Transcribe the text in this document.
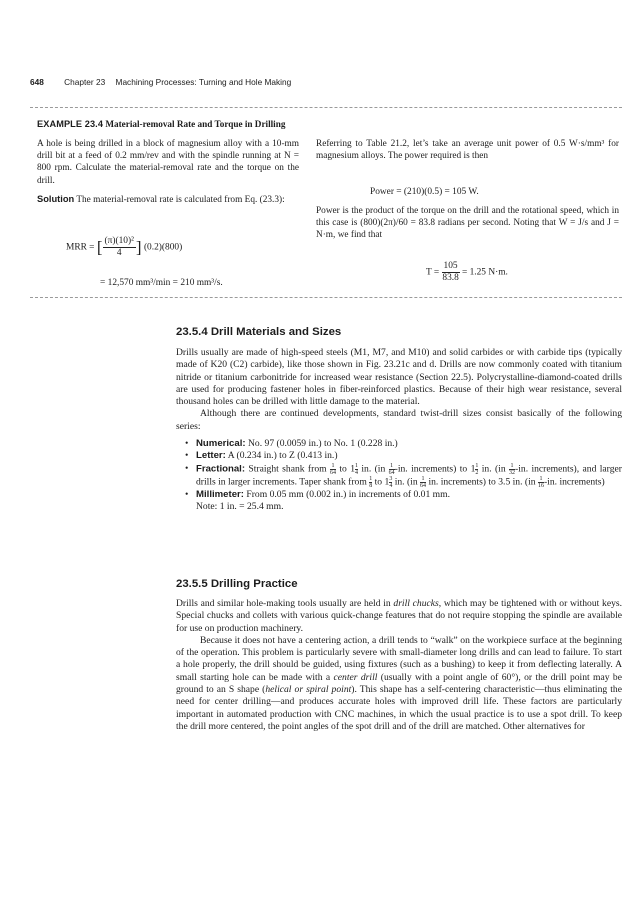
648 Chapter 23 Machining Processes: Turning and Hole Making
EXAMPLE 23.4 Material-removal Rate and Torque in Drilling

A hole is being drilled in a block of magnesium alloy with a 10-mm drill bit at a feed of 0.2 mm/rev and with the spindle running at N = 800 rpm. Calculate the material-removal rate and the torque on the drill.

Solution The material-removal rate is calculated from Eq. (23.3):

MRR = [ $\frac{\text{(π)(10)²}}{4}$ ] (0.2)(800)
= 12,570 mm³/min = 210 mm³/s.

Referring to Table 21.2, let’s take an average unit power of 0.5 W·s/mm³ for magnesium alloys. The power required is then

Power = (210)(0.5) = 105 W.

Power is the product of the torque on the drill and the rotational speed, which in this case is (800)(2π)/60 = 83.8 radians per second. Noting that W = J/s and J = N·m, we find that

$T = \frac{105}{83.8} = 1.25$ N·m.
23.5.4 Drill Materials and Sizes

Drills usually are made of high-speed steels (M1, M7, and M10) and solid carbides or with carbide tips (typically made of K20 (C2) carbide), like those shown in Fig. 23.21c and d. Drills are now commonly coated with titanium nitride or titanium carbonitride for increased wear resistance (Section 22.5). Polycrystalline-diamond-coated drills are used for producing fastener holes in fiber-reinforced plastics. Because of their high wear resistance, several thousand holes can be drilled with little damage to the material.

Although there are continued developments, standard twist-drill sizes consist basically of the following series:

• Numerical: No. 97 (0.0059 in.) to No. 1 (0.228 in.)
• Letter: A (0.234 in.) to Z (0.413 in.)
• Fractional: Straight shank from $\frac{1}{64}$ to $1 \frac{1}{4}$ in. ($in \frac{1}{64} -in$. increments) to $1 \frac{1}{2}$ in. ($in \frac{1}{32} -in$. increments), and larger drills in larger increments. Taper shank from $\frac{1}{8}$ to $1 \frac{3}{4}$ in. ($in \frac{1}{64}$ in. increments) to 3.5 in. ($in \frac{1}{16} -in$. increments)
• Millimeter: From 0.05 mm (0.002 in.) in increments of 0.01 mm.
Note: 1 in. = 25.4 mm.
23.5.5 Drilling Practice

Drills and similar hole-making tools usually are held in drill chucks, which may be tightened with or without keys. Special chucks and collets with various quick-change features that do not require stopping the spindle are available for use on production machinery.

Because it does not have a centering action, a drill tends to “walk” on the workpiece surface at the beginning of the operation. This problem is particularly severe with small-diameter long drills and can lead to failure. To start a hole properly, the drill should be guided, using fixtures (such as a bushing) to keep it from deflecting laterally. A small starting hole can be made with a center drill (usually with a point angle of 60°), or the drill point may be ground to an S shape (helical or spiral point). This shape has a self-centering characteristic—thus eliminating the need for center drilling—and produces accurate holes with improved drill life. These factors are particularly important in automated production with CNC machines, in which the usual practice is to use a spot drill. To keep the drill more centered, the point angles of the spot drill and of the drill are matched. Other alternatives for
